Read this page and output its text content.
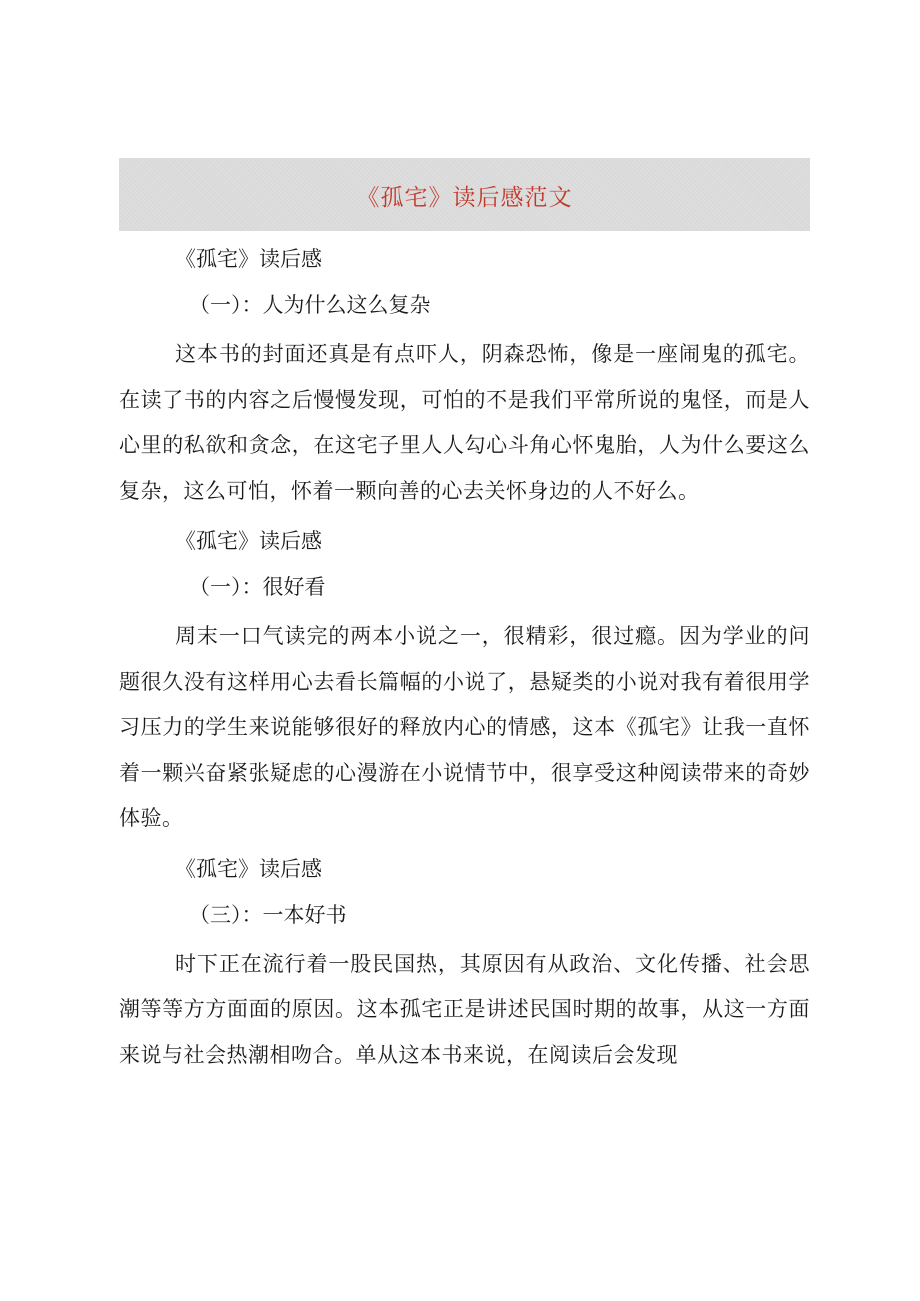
《孤宅》读后感范文
《孤宅》读后感
（一）：人为什么这么复杂

这本书的封面还真是有点吓人，阴森恐怖，像是一座闹鬼的孤宅。在读了书的内容之后慢慢发现，可怕的不是我们平常所说的鬼怪，而是人心里的私欲和贪念，在这宅子里人人勾心斗角心怀鬼胎，人为什么要这么复杂，这么可怕，怀着一颗向善的心去关怀身边的人不好么。

《孤宅》读后感
（一）：很好看

周末一口气读完的两本小说之一，很精彩，很过瘾。因为学业的问题很久没有这样用心去看长篇幅的小说了，悬疑类的小说对我有着很用学习压力的学生来说能够很好的释放内心的情感，这本《孤宅》让我一直怀着一颗兴奋紧张疑虑的心漫游在小说情节中，很享受这种阅读带来的奇妙体验。

《孤宅》读后感
（三）：一本好书

时下正在流行着一股民国热，其原因有从政治、文化传播、社会思潮等等方方面面的原因。这本孤宅正是讲述民国时期的故事，从这一方面来说与社会热潮相吻合。单从这本书来说，在阅读后会发现
